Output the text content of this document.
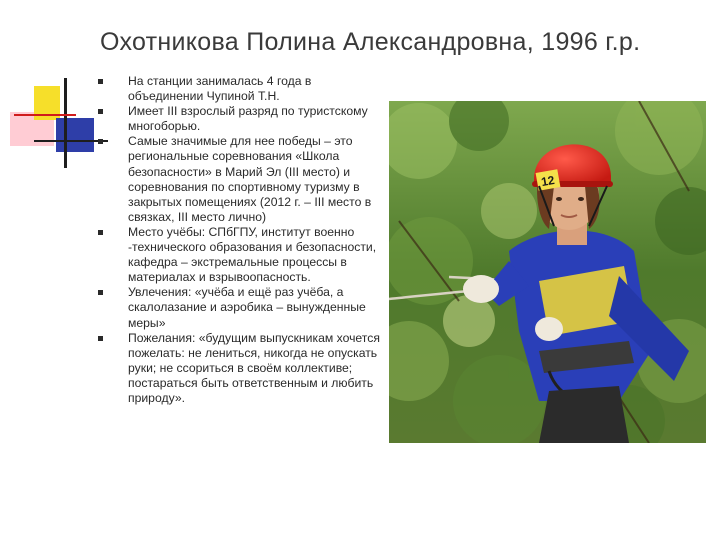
Охотникова Полина Александровна, 1996 г.р.
На станции занималась 4 года в объединении Чупиной Т.Н.
Имеет III взрослый разряд по туристскому многоборью.
Самые значимые для нее победы – это региональные соревнования «Школа безопасности» в Марий Эл (III место) и соревнования по спортивному туризму в закрытых помещениях (2012 г. – III место в связках, III место лично)
Место учёбы: СПбГПУ, институт военно -технического образования и безопасности, кафедра – экстремальные процессы в материалах и взрывоопасность.
Увлечения: «учёба и ещё раз учёба, а скалолазание и аэробика – вынужденные меры»
Пожелания: «будущим выпускникам хочется пожелать: не лениться, никогда не опускать руки; не ссориться в своём коллективе; постараться быть ответственным и любить природу».
12
